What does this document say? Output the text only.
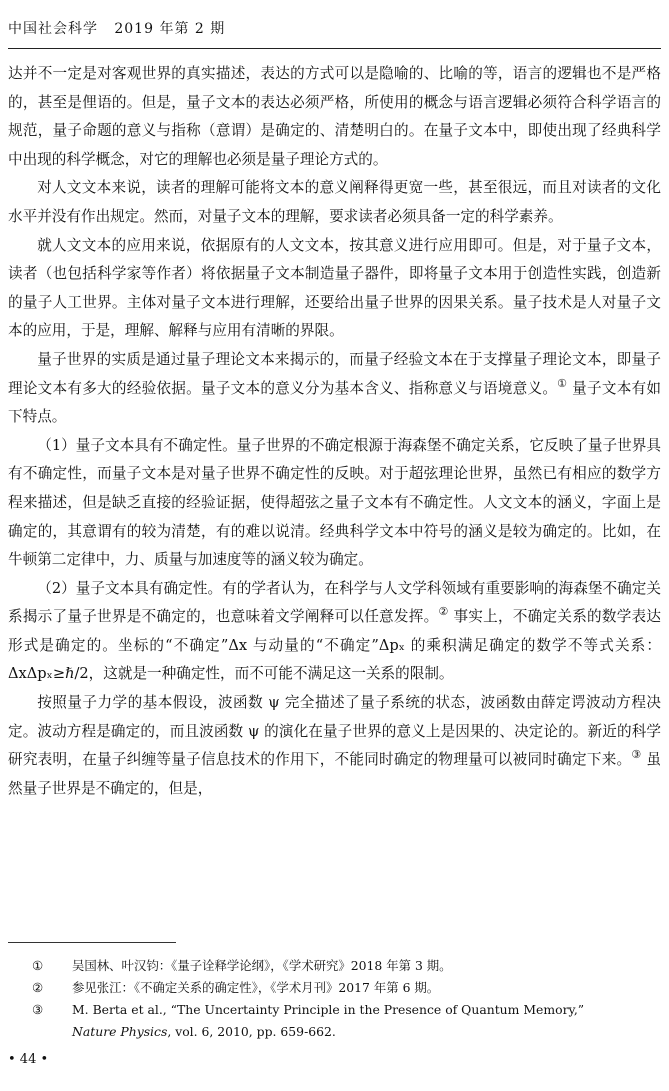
中国社会科学 2019 年第 2 期

达并不一定是对客观世界的真实描述，表达的方式可以是隐喻的、比喻的等，语言的逻辑也不是严格的，甚至是俚语的。但是，量子文本的表达必须严格，所使用的概念与语言逻辑必须符合科学语言的规范，量子命题的意义与指称（意谓）是确定的、清楚明白的。在量子文本中，即使出现了经典科学中出现的科学概念，对它的理解也必须是量子理论方式的。

对人文文本来说，读者的理解可能将文本的意义阐释得更宽一些，甚至很远，而且对读者的文化水平并没有作出规定。然而，对量子文本的理解，要求读者必须具备一定的科学素养。

就人文文本的应用来说，依据原有的人文文本，按其意义进行应用即可。但是，对于量子文本，读者（也包括科学家等作者）将依据量子文本制造量子器件，即将量子文本用于创造性实践，创造新的量子人工世界。主体对量子文本进行理解，还要给出量子世界的因果关系。量子技术是人对量子文本的应用，于是，理解、解释与应用有清晰的界限。

量子世界的实质是通过量子理论文本来揭示的，而量子经验文本在于支撑量子理论文本，即量子理论文本有多大的经验依据。量子文本的意义分为基本含义、指称意义与语境意义。① 量子文本有如下特点。

（1）量子文本具有不确定性。量子世界的不确定根源于海森堡不确定关系，它反映了量子世界具有不确定性，而量子文本是对量子世界不确定性的反映。对于超弦理论世界，虽然已有相应的数学方程来描述，但是缺乏直接的经验证据，使得超弦之量子文本有不确定性。人文文本的涵义，字面上是确定的，其意谓有的较为清楚，有的难以说清。经典科学文本中符号的涵义是较为确定的。比如，在牛顿第二定律中，力、质量与加速度等的涵义较为确定。

（2）量子文本具有确定性。有的学者认为，在科学与人文学科领域有重要影响的海森堡不确定关系揭示了量子世界是不确定的，也意味着文学阐释可以任意发挥。② 事实上，不确定关系的数学表达形式是确定的。坐标的“不确定”Δx 与动量的“不确定”Δpₓ 的乘积满足确定的数学不等式关系：ΔxΔpₓ≥ℏ/2，这就是一种确定性，而不可能不满足这一关系的限制。

按照量子力学的基本假设，波函数 ψ 完全描述了量子系统的状态，波函数由薛定谔波动方程决定。波动方程是确定的，而且波函数 ψ 的演化在量子世界的意义上是因果的、决定论的。新近的科学研究表明，在量子纠缠等量子信息技术的作用下，不能同时确定的物理量可以被同时确定下来。③ 虽然量子世界是不确定的，但是，

①	吴国林、叶汉钧：《量子诠释学论纲》，《学术研究》2018 年第 3 期。
②	参见张江：《不确定关系的确定性》，《学术月刊》2017 年第 6 期。
③	M. Berta et al., “The Uncertainty Principle in the Presence of Quantum Memory,”
Nature Physics, vol. 6, 2010, pp. 659-662.
• 44 •
